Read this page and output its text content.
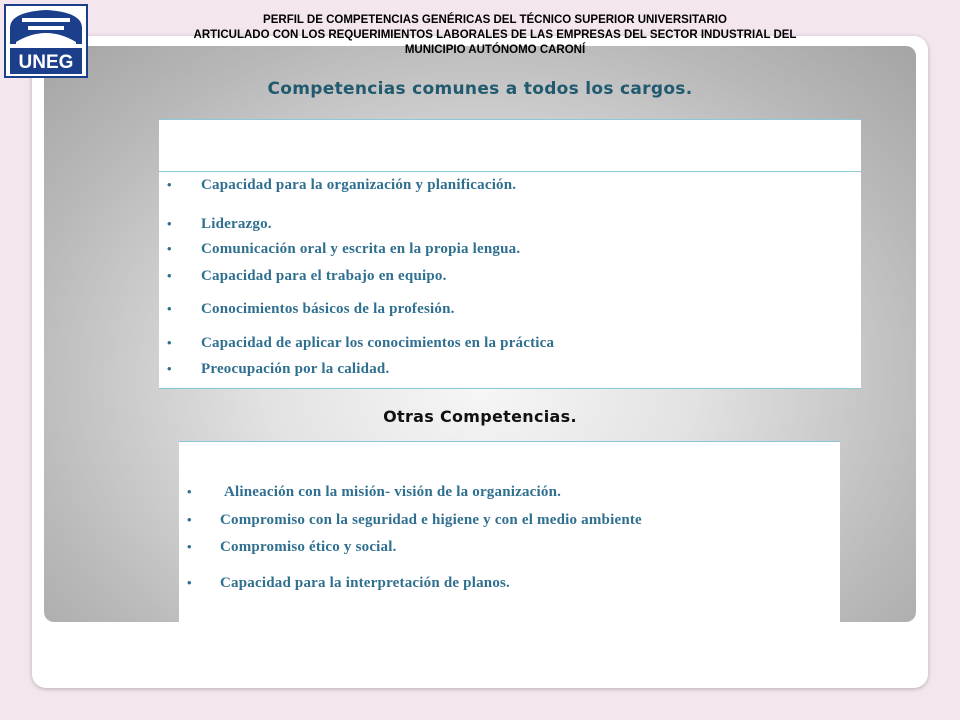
UNEG
PERFIL DE COMPETENCIAS GENÉRICAS DEL TÉCNICO SUPERIOR UNIVERSITARIO
ARTICULADO CON LOS REQUERIMIENTOS LABORALES DE LAS EMPRESAS DEL SECTOR INDUSTRIAL DEL
MUNICIPIO AUTÓNOMO CARONÍ
Competencias comunes a todos los cargos.
• Capacidad para la organización y planificación.
• Liderazgo.
• Comunicación oral y escrita en la propia lengua.
• Capacidad para el trabajo en equipo.
• Conocimientos básicos de la profesión.
• Capacidad de aplicar los conocimientos en la práctica
• Preocupación por la calidad.
Otras Competencias.
• Alineación con la misión- visión de la organización.
• Compromiso con la seguridad e higiene y con el medio ambiente
• Compromiso ético y social.
• Capacidad para la interpretación de planos.
